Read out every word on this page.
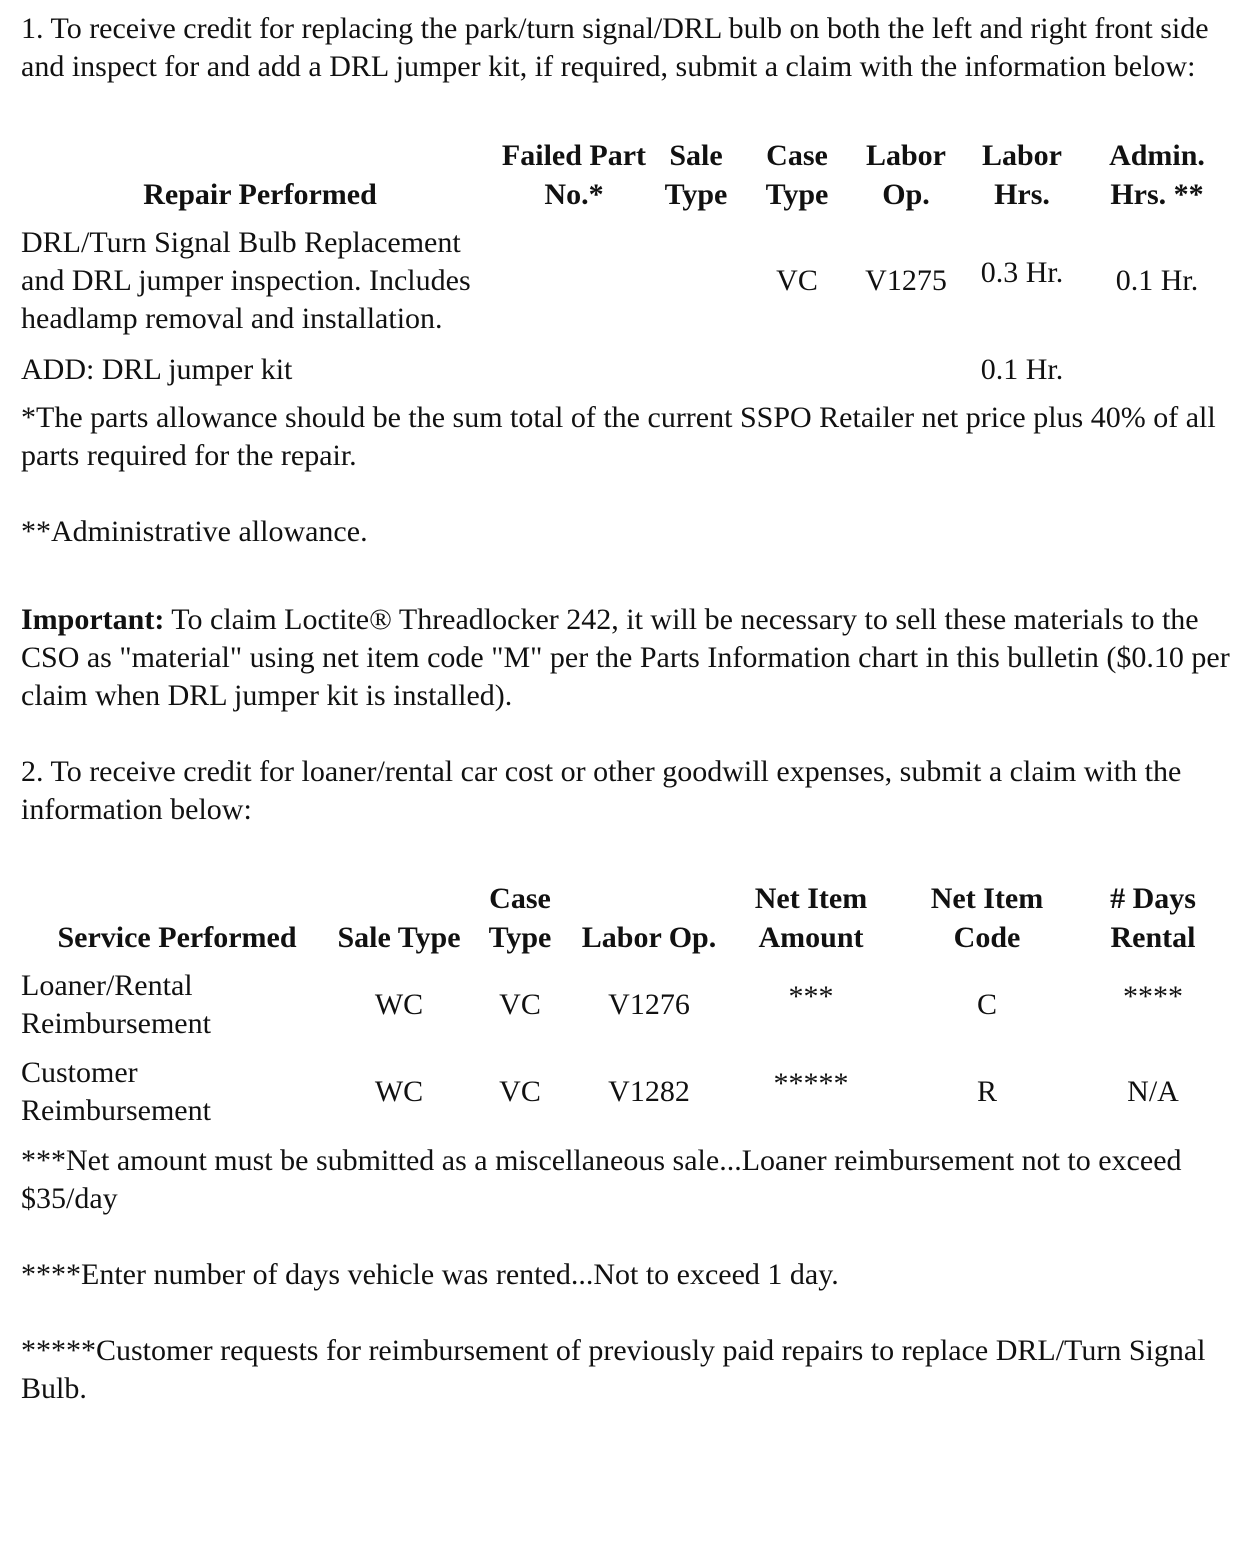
1. To receive credit for replacing the park/turn signal/DRL bulb on both the left and right front side and inspect for and add a DRL jumper kit, if required, submit a claim with the information below:

Repair Performed	Failed Part No.*	Sale Type	Case Type	Labor Op.	Labor Hrs.	Admin. Hrs. **
DRL/Turn Signal Bulb Replacement and DRL jumper inspection. Includes headlamp removal and installation.			VC	V1275	0.3 Hr.	0.1 Hr.
ADD: DRL jumper kit					0.1 Hr.	

*The parts allowance should be the sum total of the current SSPO Retailer net price plus 40% of all parts required for the repair.

**Administrative allowance.

Important: To claim Loctite® Threadlocker 242, it will be necessary to sell these materials to the CSO as "material" using net item code "M" per the Parts Information chart in this bulletin ($0.10 per claim when DRL jumper kit is installed).

2. To receive credit for loaner/rental car cost or other goodwill expenses, submit a claim with the information below:

Service Performed	Sale Type	Case Type	Labor Op.	Net Item Amount	Net Item Code	# Days Rental
Loaner/Rental Reimbursement	WC	VC	V1276	***	C	****
Customer Reimbursement	WC	VC	V1282	*****	R	N/A

***Net amount must be submitted as a miscellaneous sale...Loaner reimbursement not to exceed $35/day

****Enter number of days vehicle was rented...Not to exceed 1 day.

*****Customer requests for reimbursement of previously paid repairs to replace DRL/Turn Signal Bulb.
